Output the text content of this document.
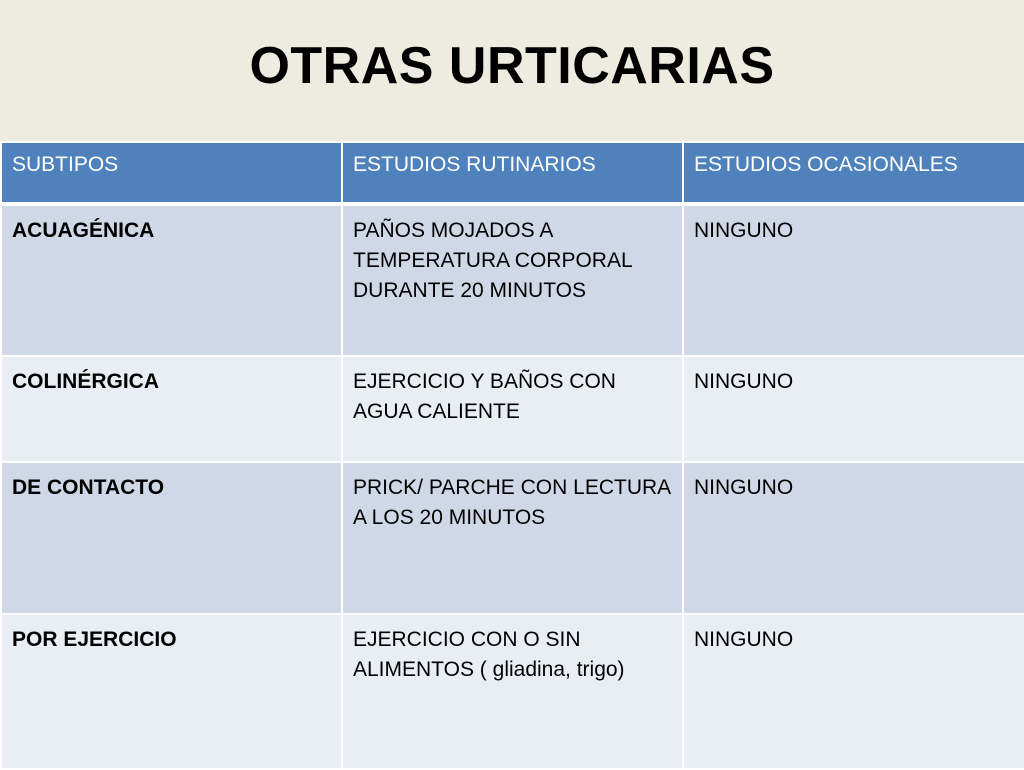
OTRAS URTICARIAS
SUBTIPOS	ESTUDIOS RUTINARIOS	ESTUDIOS OCASIONALES
ACUAGÉNICA	PAÑOS MOJADOS A TEMPERATURA CORPORAL DURANTE 20 MINUTOS	NINGUNO
COLINÉRGICA	EJERCICIO Y BAÑOS CON AGUA CALIENTE	NINGUNO
DE CONTACTO	PRICK/ PARCHE CON LECTURA A LOS 20 MINUTOS	NINGUNO
POR EJERCICIO	EJERCICIO CON O SIN ALIMENTOS ( gliadina, trigo)	NINGUNO
